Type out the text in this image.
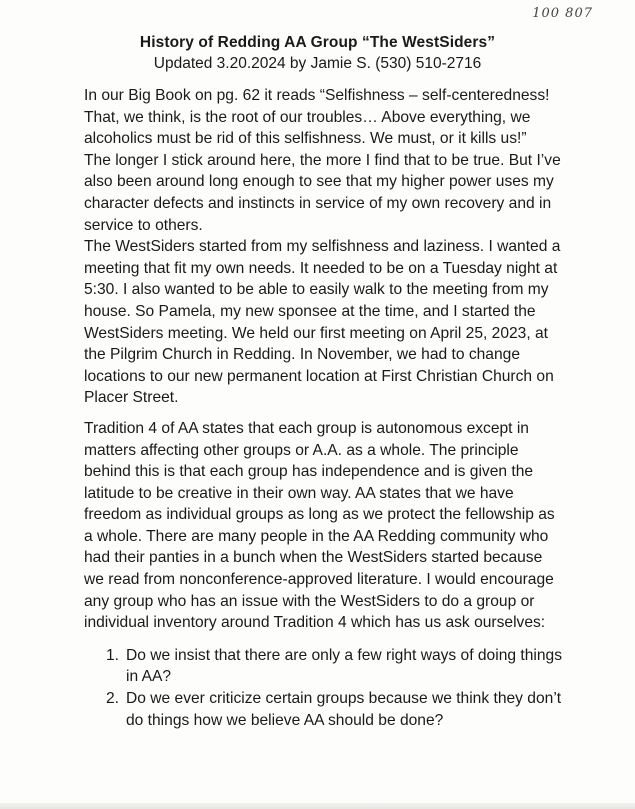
100 807
History of Redding AA Group “The WestSiders”
Updated 3.20.2024 by Jamie S. (530) 510-2716

In our Big Book on pg. 62 it reads “Selfishness – self-centeredness!
That, we think, is the root of our troubles… Above everything, we
alcoholics must be rid of this selfishness. We must, or it kills us!”
The longer I stick around here, the more I find that to be true. But I’ve
also been around long enough to see that my higher power uses my
character defects and instincts in service of my own recovery and in
service to others.

The WestSiders started from my selfishness and laziness. I wanted a
meeting that fit my own needs. It needed to be on a Tuesday night at
5:30. I also wanted to be able to easily walk to the meeting from my
house. So Pamela, my new sponsee at the time, and I started the
WestSiders meeting. We held our first meeting on April 25, 2023, at
the Pilgrim Church in Redding. In November, we had to change
locations to our new permanent location at First Christian Church on
Placer Street.

Tradition 4 of AA states that each group is autonomous except in
matters affecting other groups or A.A. as a whole. The principle
behind this is that each group has independence and is given the
latitude to be creative in their own way. AA states that we have
freedom as individual groups as long as we protect the fellowship as
a whole. There are many people in the AA Redding community who
had their panties in a bunch when the WestSiders started because
we read from nonconference-approved literature. I would encourage
any group who has an issue with the WestSiders to do a group or
individual inventory around Tradition 4 which has us ask ourselves:

1. Do we insist that there are only a few right ways of doing things
in AA?
2. Do we ever criticize certain groups because we think they don’t
do things how we believe AA should be done?
